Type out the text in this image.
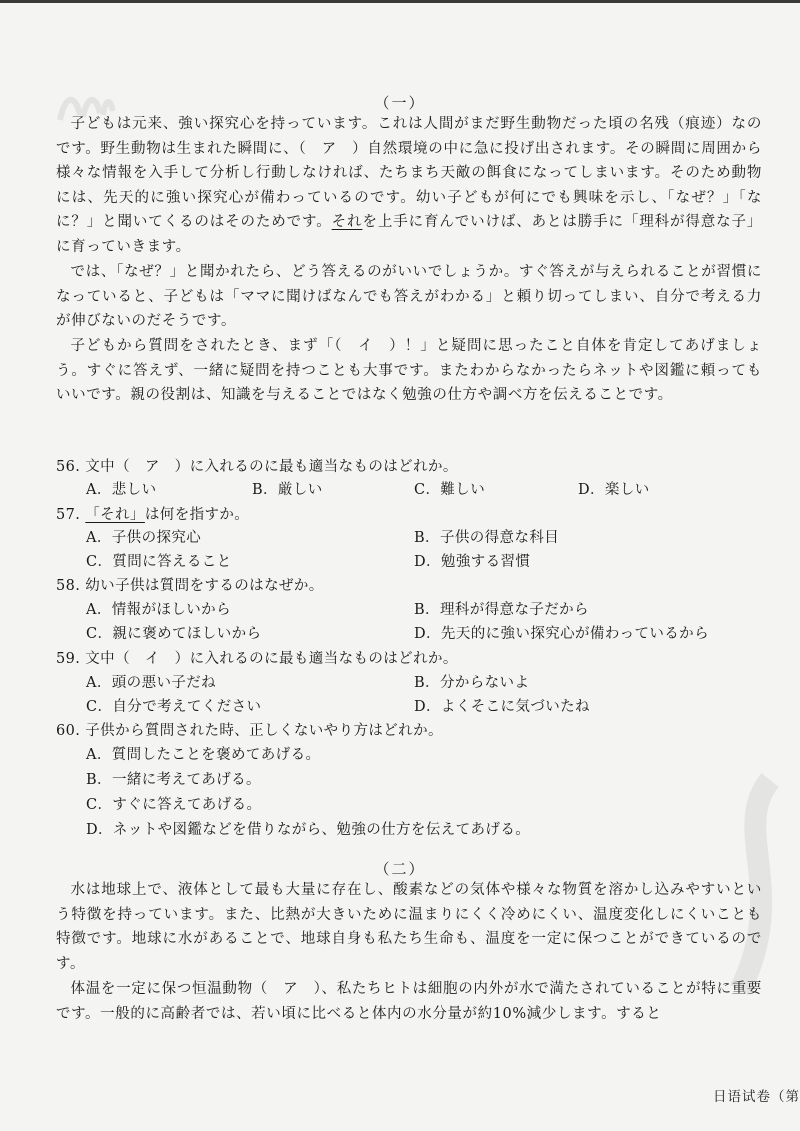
（一）

子どもは元来、強い探究心を持っています。これは人間がまだ野生動物だった頃の名残（痕迹）なのです。野生動物は生まれた瞬間に、（　ア　）自然環境の中に急に投げ出されます。その瞬間に周囲から様々な情報を入手して分析し行動しなければ、たちまち天敵の餌食になってしまいます。そのため動物には、先天的に強い探究心が備わっているのです。幼い子どもが何にでも興味を示し、「なぜ？」「なに？」と聞いてくるのはそのためです。それを上手に育んでいけば、あとは勝手に「理科が得意な子」に育っていきます。

では、「なぜ？」と聞かれたら、どう答えるのがいいでしょうか。すぐ答えが与えられることが習慣になっていると、子どもは「ママに聞けばなんでも答えがわかる」と頼り切ってしまい、自分で考える力が伸びないのだそうです。

子どもから質問をされたとき、まず「（　イ　）！」と疑問に思ったこと自体を肯定してあげましょう。すぐに答えず、一緒に疑問を持つことも大事です。またわからなかったらネットや図鑑に頼ってもいいです。親の役割は、知識を与えることではなく勉強の仕方や調べ方を伝えることです。

56. 文中（　ア　）に入れるのに最も適当なものはどれか。
A．悲しい	B．厳しい	C．難しい	D．楽しい
57. 「それ」は何を指すか。
A．子供の探究心	B．子供の得意な科目
C．質問に答えること	D．勉強する習慣
58. 幼い子供は質問をするのはなぜか。
A．情報がほしいから	B．理科が得意な子だから
C．親に褒めてほしいから	D．先天的に強い探究心が備わっているから
59. 文中（　イ　）に入れるのに最も適当なものはどれか。
A．頭の悪い子だね	B．分からないよ
C．自分で考えてください	D．よくそこに気づいたね
60. 子供から質問された時、正しくないやり方はどれか。
A．質問したことを褒めてあげる。
B．一緒に考えてあげる。
C．すぐに答えてあげる。
D．ネットや図鑑などを借りながら、勉強の仕方を伝えてあげる。
（二）

水は地球上で、液体として最も大量に存在し、酸素などの気体や様々な物質を溶かし込みやすいという特徴を持っています。また、比熱が大きいために温まりにくく冷めにくい、温度変化しにくいことも特徴です。地球に水があることで、地球自身も私たち生命も、温度を一定に保つことができているのです。

体温を一定に保つ恒温動物（　ア　）、私たちヒトは細胞の内外が水で満たされていることが特に重要です。一般的に高齢者では、若い頃に比べると体内の水分量が約10%減少します。すると

日语试卷（第
